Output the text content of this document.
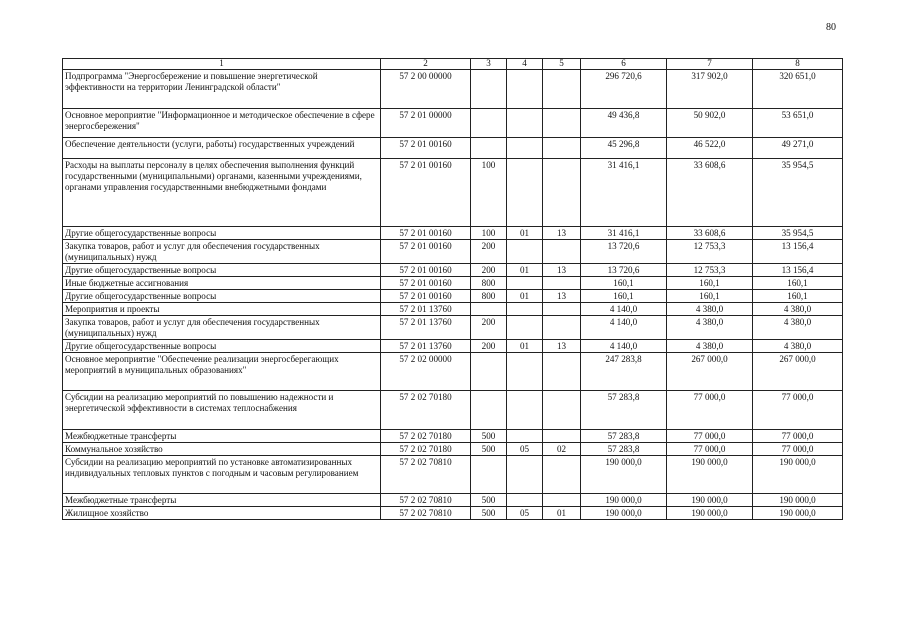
80
1	2	3	4	5	6	7	8
Подпрограмма "Энергосбережение и повышение энергетической эффективности на территории Ленинградской области"	57 2 00 00000				296 720,6	317 902,0	320 651,0
Основное мероприятие "Информационное и методическое обеспечение в сфере энергосбережения"	57 2 01 00000				49 436,8	50 902,0	53 651,0
Обеспечение деятельности (услуги, работы) государственных учреждений	57 2 01 00160				45 296,8	46 522,0	49 271,0
Расходы на выплаты персоналу в целях обеспечения выполнения функций государственными (муниципальными) органами, казенными учреждениями, органами управления государственными внебюджетными фондами	57 2 01 00160	100			31 416,1	33 608,6	35 954,5
Другие общегосударственные вопросы	57 2 01 00160	100	01	13	31 416,1	33 608,6	35 954,5
Закупка товаров, работ и услуг для обеспечения государственных (муниципальных) нужд	57 2 01 00160	200			13 720,6	12 753,3	13 156,4
Другие общегосударственные вопросы	57 2 01 00160	200	01	13	13 720,6	12 753,3	13 156,4
Иные бюджетные ассигнования	57 2 01 00160	800			160,1	160,1	160,1
Другие общегосударственные вопросы	57 2 01 00160	800	01	13	160,1	160,1	160,1
Мероприятия и проекты	57 2 01 13760				4 140,0	4 380,0	4 380,0
Закупка товаров, работ и услуг для обеспечения государственных (муниципальных) нужд	57 2 01 13760	200			4 140,0	4 380,0	4 380,0
Другие общегосударственные вопросы	57 2 01 13760	200	01	13	4 140,0	4 380,0	4 380,0
Основное мероприятие "Обеспечение реализации энергосберегающих мероприятий в муниципальных образованиях"	57 2 02 00000				247 283,8	267 000,0	267 000,0
Субсидии на реализацию мероприятий по повышению надежности и энергетической эффективности в системах теплоснабжения	57 2 02 70180				57 283,8	77 000,0	77 000,0
Межбюджетные трансферты	57 2 02 70180	500			57 283,8	77 000,0	77 000,0
Коммунальное хозяйство	57 2 02 70180	500	05	02	57 283,8	77 000,0	77 000,0
Субсидии на реализацию мероприятий по установке автоматизированных индивидуальных тепловых пунктов с погодным и часовым регулированием	57 2 02 70810				190 000,0	190 000,0	190 000,0
Межбюджетные трансферты	57 2 02 70810	500			190 000,0	190 000,0	190 000,0
Жилищное хозяйство	57 2 02 70810	500	05	01	190 000,0	190 000,0	190 000,0
